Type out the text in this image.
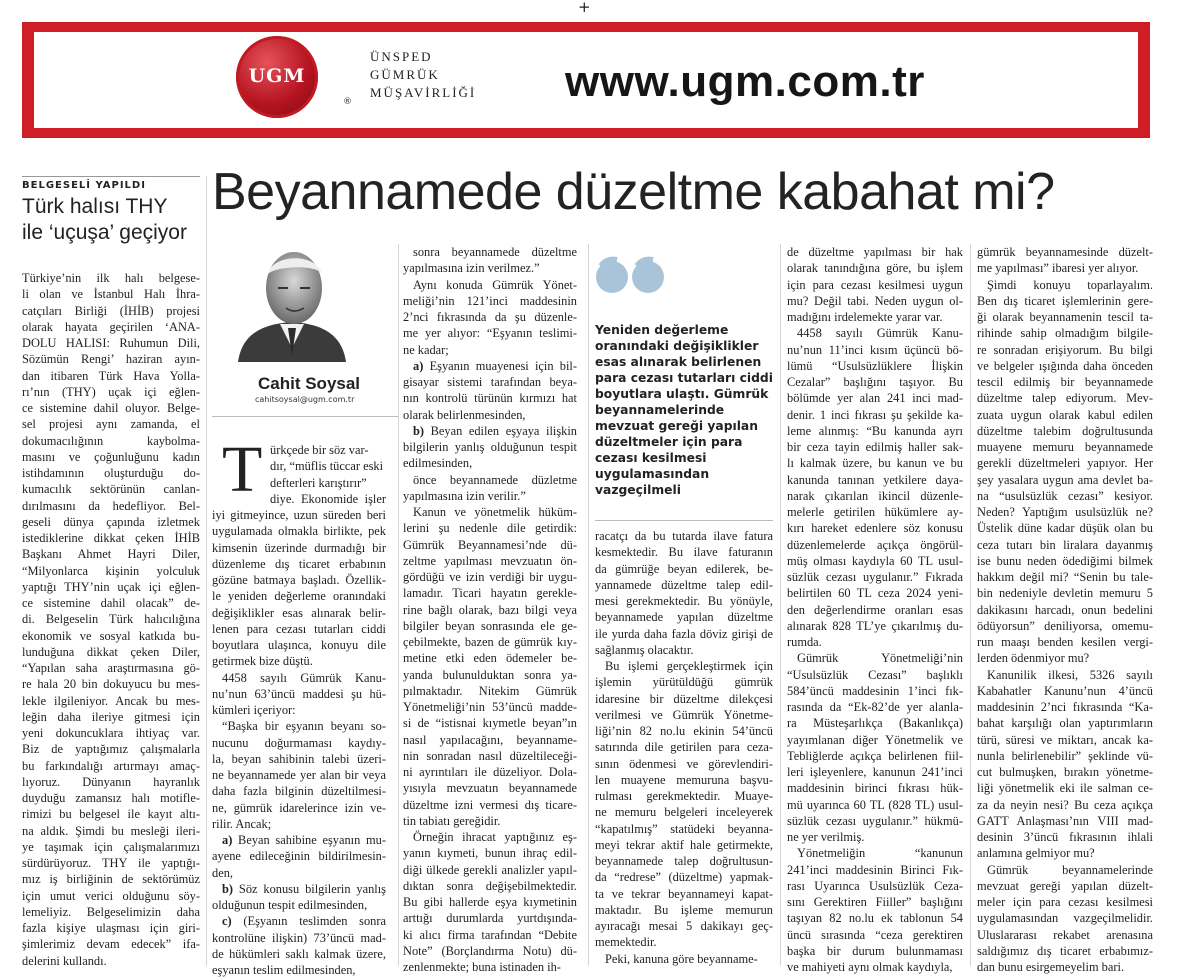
+
UGM
®
ÜNSPED
GÜMRÜK
MÜŞAVİRLİĞİ www.ugm.com.tr
BELGESELİ YAPILDI
Türk halısı THY
ile ‘uçuşa’ geçiyor
Türkiye’nin ilk halı belgese-
li olan ve İstanbul Halı İhra-
catçıları Birliği (İHİB) projesi
olarak hayata geçirilen ‘ANA-
DOLU HALISI: Ruhumun Dili,
Sözümün Rengi’ haziran ayın-
dan itibaren Türk Hava Yolla-
rı’nın (THY) uçak içi eğlen-
ce sistemine dahil oluyor. Belge-
sel projesi aynı zamanda, el
dokumacılığının kaybolma-
masını ve çoğunluğunu kadın
istihdamının oluşturduğu do-
kumacılık sektörünün canlan-
dırılmasını da hedefliyor. Bel-
geseli dünya çapında izletmek
istediklerine dikkat çeken İHİB
Başkanı Ahmet Hayri Diler,
“Milyonlarca kişinin yolculuk
yaptığı THY’nin uçak içi eğlen-
ce sistemine dahil olacak” de-
di. Belgeselin Türk halıcılığına
ekonomik ve sosyal katkıda bu-
lunduğuna dikkat çeken Diler,
“Yapılan saha araştırmasına gö-
re hala 20 bin dokuyucu bu mes-
lekle ilgileniyor. Ancak bu mes-
leğin daha ileriye gitmesi için
yeni dokuncuklara ihtiyaç var.
Biz de yaptığımız çalışmalarla
bu farkındalığı artırmayı amaç-
lıyoruz. Dünyanın hayranlık
duyduğu zamansız halı motifle-
rimizi bu belgesel ile kayıt altı-
na aldık. Şimdi bu mesleği ileri-
ye taşımak için çalışmalarımızı
sürdürüyoruz. THY ile yaptığı-
mız iş birliğinin de sektörümüz
için umut verici olduğunu söy-
lemeliyiz. Belgeselimizin daha
fazla kişiye ulaşması için giri-
şimlerimiz devam edecek” ifa-
delerini kullandı.
Beyannamede düzeltme kabahat mi?
Cahit Soysal
cahitsoysal@ugm.com.tr
T ürkçede bir söz var-
dır, “müflis tüccar eski
defterleri karıştırır”
diye. Ekonomide işler
iyi gitmeyince, uzun süreden beri
uygulamada olmakla birlikte, pek
kimsenin üzerinde durmadığı bir
düzenleme dış ticaret erbabının
gözüne batmaya başladı. Özellik-
le yeniden değerleme oranındaki
değişiklikler esas alınarak belir-
lenen para cezası tutarları ciddi
boyutlara ulaşınca, konuyu dile
getirmek bize düştü.
4458 sayılı Gümrük Kanu-
nu’nun 63’üncü maddesi şu hü-
kümleri içeriyor:
“Başka bir eşyanın beyanı so-
nucunu doğurmaması kaydıy-
la, beyan sahibinin talebi üzeri-
ne beyannamede yer alan bir veya
daha fazla bilginin düzeltilmesi-
ne, gümrük idarelerince izin ve-
rilir. Ancak;
a) Beyan sahibine eşyanın mu-
ayene edileceğinin bildirilmesin-
den,
b) Söz konusu bilgilerin yanlış
olduğunun tespit edilmesinden,
c) (Eşyanın teslimden sonra
kontrolüne ilişkin) 73’üncü mad-
de hükümleri saklı kalmak üzere,
eşyanın teslim edilmesinden,
sonra beyannamede düzeltme
yapılmasına izin verilmez.”
Aynı konuda Gümrük Yönet-
meliği’nin 121’inci maddesinin
2’nci fıkrasında da şu düzenle-
me yer alıyor: “Eşyanın teslimi-
ne kadar;
a) Eşyanın muayenesi için bil-
gisayar sistemi tarafından beya-
nın kontrolü türünün kırmızı hat
olarak belirlenmesinden,
b) Beyan edilen eşyaya ilişkin
bilgilerin yanlış olduğunun tespit
edilmesinden,
önce beyannamede düzletme
yapılmasına izin verilir.”
Kanun ve yönetmelik hüküm-
lerini şu nedenle dile getirdik:
Gümrük Beyannamesi’nde dü-
zeltme yapılması mevzuatın ön-
gördüğü ve izin verdiği bir uygu-
lamadır. Ticari hayatın gerekle-
rine bağlı olarak, bazı bilgi veya
bilgiler beyan sonrasında ele ge-
çebilmekte, bazen de gümrük kıy-
metine etki eden ödemeler be-
yanda bulunulduktan sonra ya-
pılmaktadır. Nitekim Gümrük
Yönetmeliği’nin 53’üncü madde-
si de “istisnai kıymetle beyan”ın
nasıl yapılacağını, beyanname-
nin sonradan nasıl düzeltileceği-
ni ayrıntıları ile düzeliyor. Dola-
yısıyla mevzuatın beyannamede
düzeltme izni vermesi dış ticare-
tin tabiatı gereğidir.
Örneğin ihracat yaptığınız eş-
yanın kıymeti, bunun ihraç edil-
diği ülkede gerekli analizler yapıl-
dıktan sonra değişebilmektedir.
Bu gibi hallerde eşya kıymetinin
arttığı durumlarda yurtdışında-
ki alıcı firma tarafından “Debite
Note” (Borçlandırma Notu) dü-
zenlenmekte; buna istinaden ih-
Yeniden değerleme oranındaki değişiklikler esas alınarak belirlenen para cezası tutarları ciddi boyutlara ulaştı. Gümrük beyannamelerinde mevzuat gereği yapılan düzeltmeler için para cezası kesilmesi uygulamasından vazgeçilmeli
racatçı da bu tutarda ilave fatura
kesmektedir. Bu ilave faturanın
da gümrüğe beyan edilerek, be-
yannamede düzeltme talep edil-
mesi gerekmektedir. Bu yönüyle,
beyannamede yapılan düzeltme
ile yurda daha fazla döviz girişi de
sağlanmış olacaktır.
Bu işlemi gerçekleştirmek için
işlemin yürütüldüğü gümrük
idaresine bir düzeltme dilekçesi
verilmesi ve Gümrük Yönetme-
liği’nin 82 no.lu ekinin 54’üncü
satırında dile getirilen para ceza-
sının ödenmesi ve görevlendiri-
len muayene memuruna başvu-
rulması gerekmektedir. Muaye-
ne memuru belgeleri inceleyerek
“kapatılmış” statüdeki beyanna-
meyi tekrar aktif hale getirmekte,
beyannamede talep doğrultusun-
da “redrese” (düzeltme) yapmak-
ta ve tekrar beyannameyi kapat-
maktadır. Bu işleme memurun
ayıracağı mesai 5 dakikayı geç-
memektedir.
Peki, kanuna göre beyanname-
de düzeltme yapılması bir hak
olarak tanındığına göre, bu işlem
için para cezası kesilmesi uygun
mu? Değil tabi. Neden uygun ol-
madığını irdelemekte yarar var.
4458 sayılı Gümrük Kanu-
nu’nun 11’inci kısım üçüncü bö-
lümü “Usulsüzlüklere İlişkin
Cezalar” başlığını taşıyor. Bu
bölümde yer alan 241 inci mad-
denir. 1 inci fıkrası şu şekilde ka-
leme alınmış: “Bu kanunda ayrı
bir ceza tayin edilmiş haller sak-
lı kalmak üzere, bu kanun ve bu
kanunda tanınan yetkilere daya-
narak çıkarılan ikincil düzenle-
melerle getirilen hükümlere ay-
kırı hareket edenlere söz konusu
düzenlemelerde açıkça öngörül-
müş olması kaydıyla 60 TL usul-
süzlük cezası uygulanır.” Fıkrada
belirtilen 60 TL ceza 2024 yeni-
den değerlendirme oranları esas
alınarak 828 TL’ye çıkarılmış du-
rumda.
Gümrük Yönetmeliği’nin
“Usulsüzlük Cezası” başlıklı
584’üncü maddesinin 1’inci fık-
rasında da “Ek-82’de yer alanla-
ra Müsteşarlıkça (Bakanlıkça)
yayımlanan diğer Yönetmelik ve
Tebliğlerde açıkça belirlenen fiil-
leri işleyenlere, kanunun 241’inci
maddesinin birinci fıkrası hük-
mü uyarınca 60 TL (828 TL) usul-
süzlük cezası uygulanır.” hükmü-
ne yer verilmiş.
Yönetmeliğin “kanunun
241’inci maddesinin Birinci Fık-
rası Uyarınca Usulsüzlük Ceza-
sını Gerektiren Fiiller” başlığını
taşıyan 82 no.lu ek tablonun 54
üncü sırasında “ceza gerektiren
başka bir durum bulunmaması
ve mahiyeti aynı olmak kaydıyla,
gümrük beyannamesinde düzelt-
me yapılması” ibaresi yer alıyor.
Şimdi konuyu toparlayalım.
Ben dış ticaret işlemlerinin gere-
ği olarak beyannamenin tescil ta-
rihinde sahip olmadığım bilgile-
re sonradan erişiyorum. Bu bilgi
ve belgeler ışığında daha önceden
tescil edilmiş bir beyannamede
düzeltme talep ediyorum. Mev-
zuata uygun olarak kabul edilen
düzeltme talebim doğrultusunda
muayene memuru beyannamede
gerekli düzeltmeleri yapıyor. Her
şey yasalara uygun ama devlet ba-
na “usulsüzlük cezası” kesiyor.
Neden? Yaptığım usulsüzlük ne?
Üstelik düne kadar düşük olan bu
ceza tutarı bin liralara dayanmış
ise bunu neden ödediğimi bilmek
hakkım değil mi? “Senin bu tale-
bin nedeniyle devletin memuru 5
dakikasını harcadı, onun bedelini
ödüyorsun” deniliyorsa, omemu-
run maaşı benden kesilen vergi-
lerden ödenmiyor mu?
Kanunilik ilkesi, 5326 sayılı
Kabahatler Kanunu’nun 4’üncü
maddesinin 2’nci fıkrasında “Ka-
bahat karşılığı olan yaptırımların
türü, süresi ve miktarı, ancak ka-
nunla belirlenebilir” şeklinde vü-
cut bulmuşken, bırakın yönetme-
liği yönetmelik eki ile salman ce-
za da neyin nesi? Bu ceza açıkça
GATT Anlaşması’nın VIII mad-
desinin 3’üncü fıkrasının ihlali
anlamına gelmiyor mu?
Gümrük beyannamelerinde
mevzuat gereği yapılan düzelt-
meler için para cezası kesilmesi
uygulamasından vazgeçilmelidir.
Uluslararası rekabet arenasına
saldığımız dış ticaret erbabımız-
dan bunu esirgemeyelim bari.
